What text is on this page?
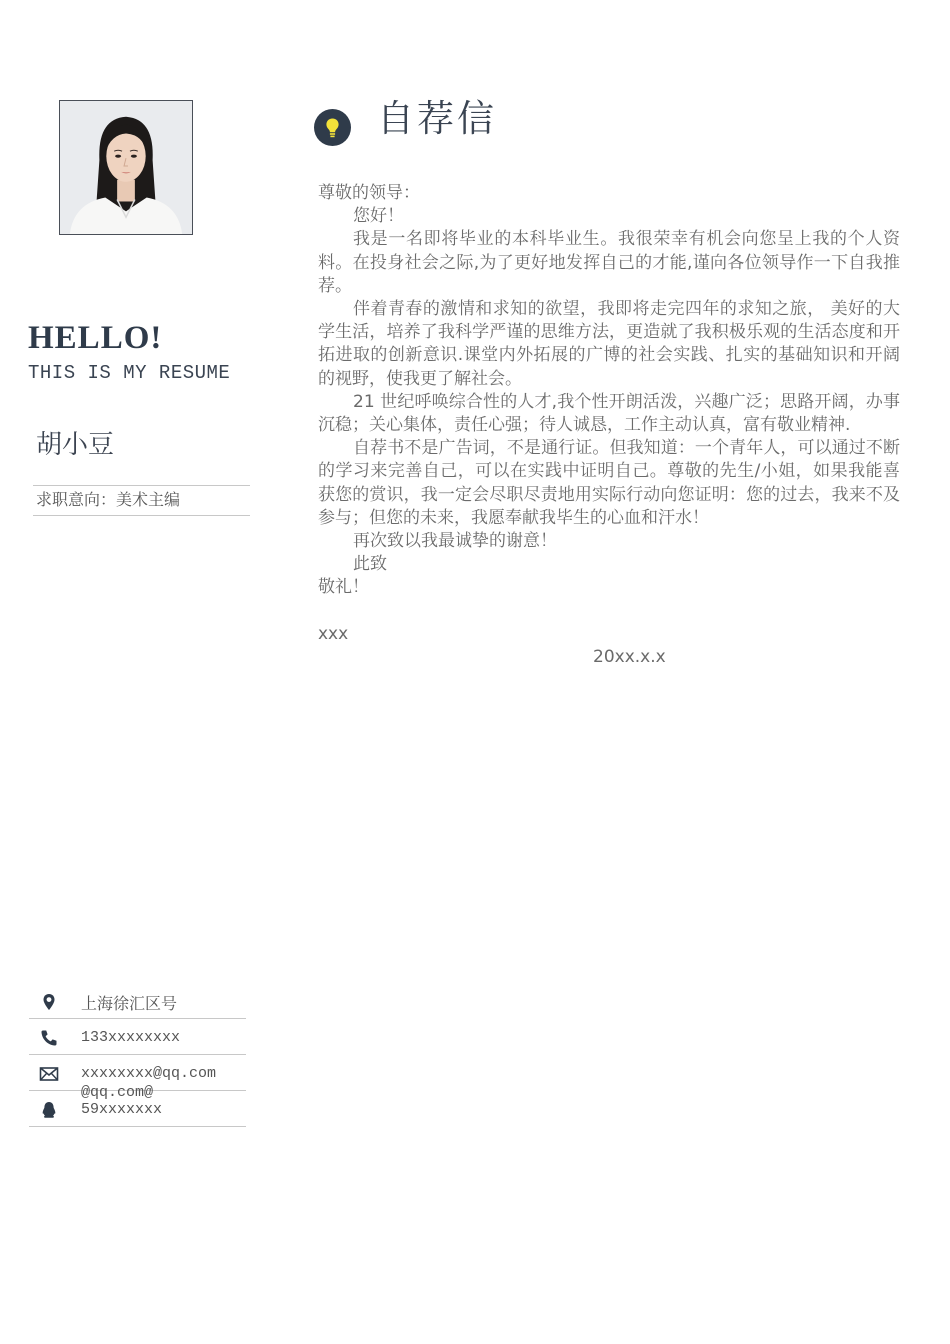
HELLO!
THIS IS MY RESUME
胡小豆
求职意向：美术主编
上海徐汇区号
133xxxxxxxx
xxxxxxxx@qq.com
@qq.com@
59xxxxxxx
自荐信

尊敬的领导：

您好！

我是一名即将毕业的本科毕业生。我很荣幸有机会向您呈上我的个人资料。在投身社会之际,为了更好地发挥自己的才能,谨向各位领导作一下自我推荐。

伴着青春的激情和求知的欲望，我即将走完四年的求知之旅， 美好的大学生活，培养了我科学严谨的思维方法，更造就了我积极乐观的生活态度和开拓进取的创新意识.课堂内外拓展的广博的社会实践、扎实的基础知识和开阔的视野，使我更了解社会。

21 世纪呼唤综合性的人才,我个性开朗活泼，兴趣广泛；思路开阔，办事沉稳；关心集体，责任心强；待人诚恳，工作主动认真，富有敬业精神.

自荐书不是广告词，不是通行证。但我知道：一个青年人，可以通过不断的学习来完善自己，可以在实践中证明自己。尊敬的先生/小姐，如果我能喜获您的赏识，我一定会尽职尽责地用实际行动向您证明：您的过去，我来不及参与；但您的未来，我愿奉献我毕生的心血和汗水！

再次致以我最诚挚的谢意！

此致

敬礼！

xxx

20xx.x.x
